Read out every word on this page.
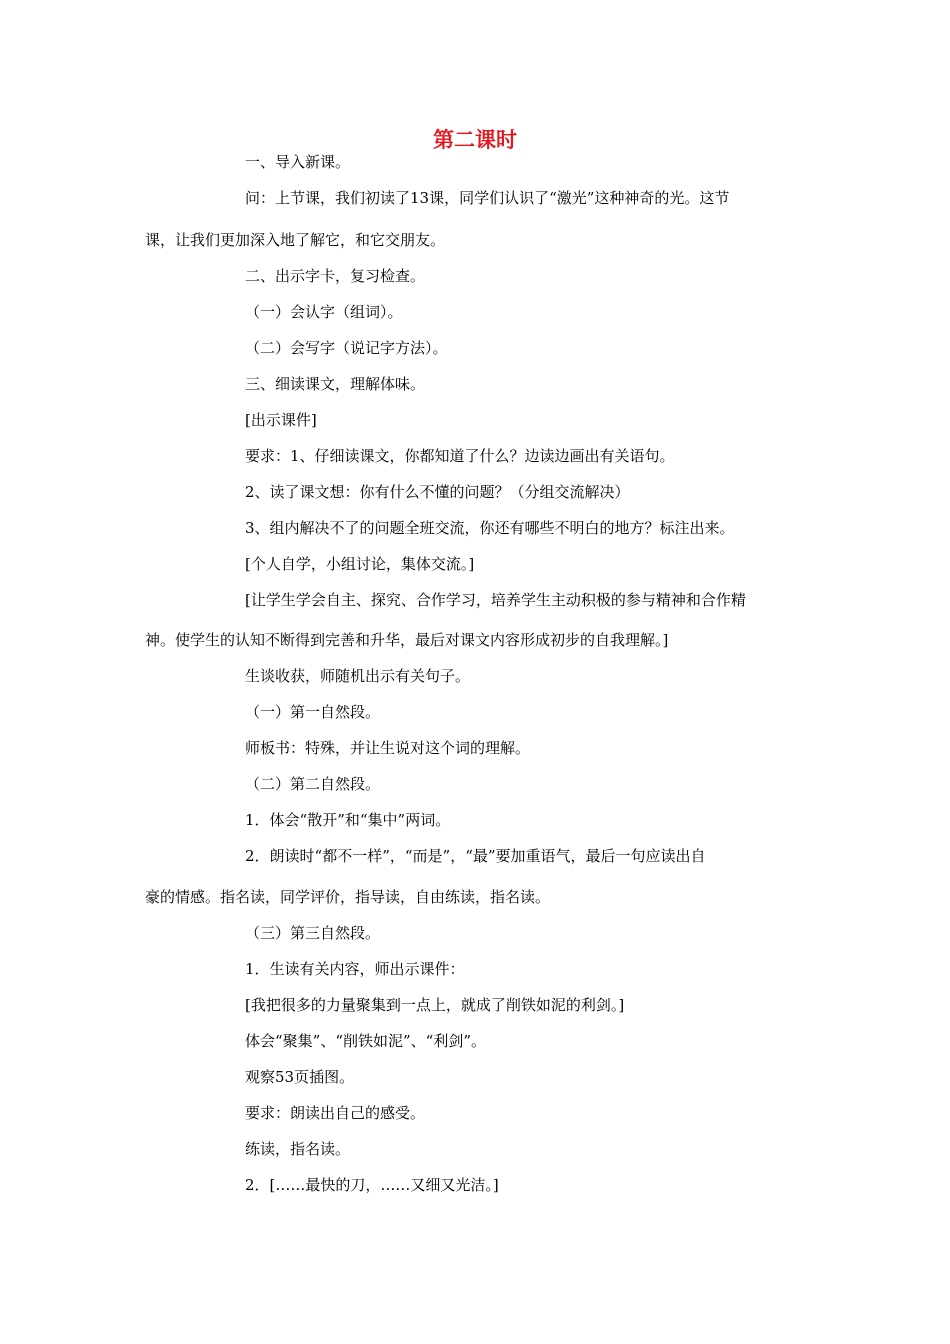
第二课时
一、导入新课。
问：上节课，我们初读了13课，同学们认识了“激光”这种神奇的光。这节
课，让我们更加深入地了解它，和它交朋友。
二、出示字卡，复习检查。
（一）会认字（组词）。
（二）会写字（说记字方法）。
三、细读课文，理解体味。
[出示课件]
要求：1、仔细读课文，你都知道了什么？边读边画出有关语句。
2、读了课文想：你有什么不懂的问题？（分组交流解决）
3、组内解决不了的问题全班交流，你还有哪些不明白的地方？标注出来。
[个人自学，小组讨论，集体交流。]
[让学生学会自主、探究、合作学习，培养学生主动积极的参与精神和合作精
神。使学生的认知不断得到完善和升华，最后对课文内容形成初步的自我理解。]
生谈收获，师随机出示有关句子。
（一）第一自然段。
师板书：特殊，并让生说对这个词的理解。
（二）第二自然段。
1．体会“散开”和“集中”两词。
2．朗读时“都不一样”，“而是”，“最”要加重语气，最后一句应读出自
豪的情感。指名读，同学评价，指导读，自由练读，指名读。
（三）第三自然段。
1．生读有关内容，师出示课件：
[我把很多的力量聚集到一点上，就成了削铁如泥的利剑。]
体会“聚集”、“削铁如泥”、“利剑”。
观察53页插图。
要求：朗读出自己的感受。
练读，指名读。
2．[……最快的刀，……又细又光洁。]
